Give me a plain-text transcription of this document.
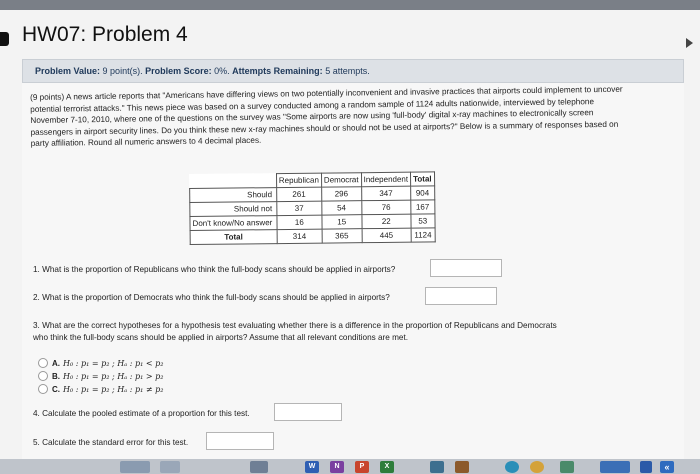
HW07: Problem 4
Problem Value: 9 point(s). Problem Score: 0%. Attempts Remaining: 5 attempts.
(9 points) A news article reports that "Americans have differing views on two potentially inconvenient and invasive practices that airports could implement to uncover potential terrorist attacks." This news piece was based on a survey conducted among a random sample of 1124 adults nationwide, interviewed by telephone November 7-10, 2010, where one of the questions on the survey was "Some airports are now using 'full-body' digital x-ray machines to electronically screen passengers in airport security lines. Do you think these new x-ray machines should or should not be used at airports?" Below is a summary of responses based on party affiliation. Round all numeric answers to 4 decimal places.
	Republican	Democrat	Independent	Total
Should	261	296	347	904
Should not	37	54	76	167
Don't know/No answer	16	15	22	53
Total	314	365	445	1124
1. What is the proportion of Republicans who think the full-body scans should be applied in airports?
2. What is the proportion of Democrats who think the full-body scans should be applied in airports?
3. What are the correct hypotheses for a hypothesis test evaluating whether there is a difference in the proportion of Republicans and Democrats
who think the full-body scans should be applied in airports? Assume that all relevant conditions are met.
A. H₀ : p₁ = p₂ ; Hₐ : p₁ < p₂
B. H₀ : p₁ = p₂ ; Hₐ : p₁ > p₂
C. H₀ : p₁ = p₂ ; Hₐ : p₁ ≠ p₂
4. Calculate the pooled estimate of a proportion for this test.
5. Calculate the standard error for this test.
W	N	P	X	«
